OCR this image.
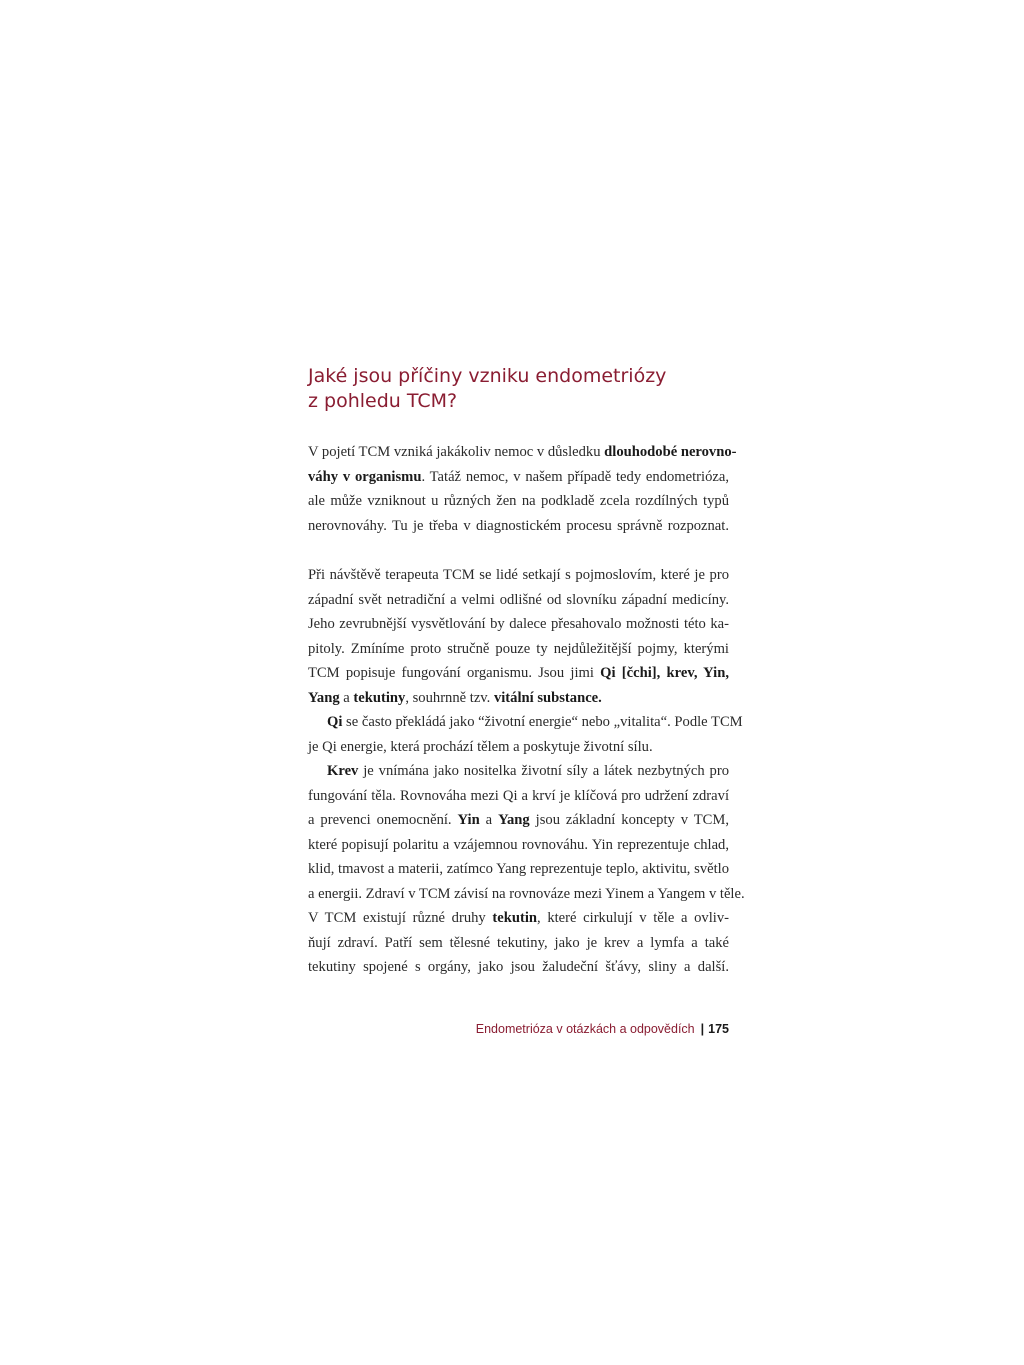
Jaké jsou příčiny vzniku endometriózy
z pohledu TCM?
V pojetí TCM vzniká jakákoliv nemoc v důsledku dlouhodobé nerovno-
váhy v organismu. Tatáž nemoc, v našem případě tedy endometrióza,
ale může vzniknout u různých žen na podkladě zcela rozdílných typů
nerovnováhy. Tu je třeba v diagnostickém procesu správně rozpoznat.
Při návštěvě terapeuta TCM se lidé setkají s pojmoslovím, které je pro
západní svět netradiční a velmi odlišné od slovníku západní medicíny.
Jeho zevrubnější vysvětlování by dalece přesahovalo možnosti této ka-
pitoly. Zmíníme proto stručně pouze ty nejdůležitější pojmy, kterými
TCM popisuje fungování organismu. Jsou jimi Qi [čchi], krev, Yin,
Yang a tekutiny, souhrnně tzv. vitální substance.
Qi se často překládá jako “životní energie“ nebo „vitalita“. Podle TCM
je Qi energie, která prochází tělem a poskytuje životní sílu.
Krev je vnímána jako nositelka životní síly a látek nezbytných pro
fungování těla. Rovnováha mezi Qi a krví je klíčová pro udržení zdraví
a prevenci onemocnění. Yin a Yang jsou základní koncepty v TCM,
které popisují polaritu a vzájemnou rovnováhu. Yin reprezentuje chlad,
klid, tmavost a materii, zatímco Yang reprezentuje teplo, aktivitu, světlo
a energii. Zdraví v TCM závisí na rovnováze mezi Yinem a Yangem v těle.
V TCM existují různé druhy tekutin, které cirkulují v těle a ovliv-
ňují zdraví. Patří sem tělesné tekutiny, jako je krev a lymfa a také
tekutiny spojené s orgány, jako jsou žaludeční šťávy, sliny a další.
Endometrióza v otázkách a odpovědích | 175
